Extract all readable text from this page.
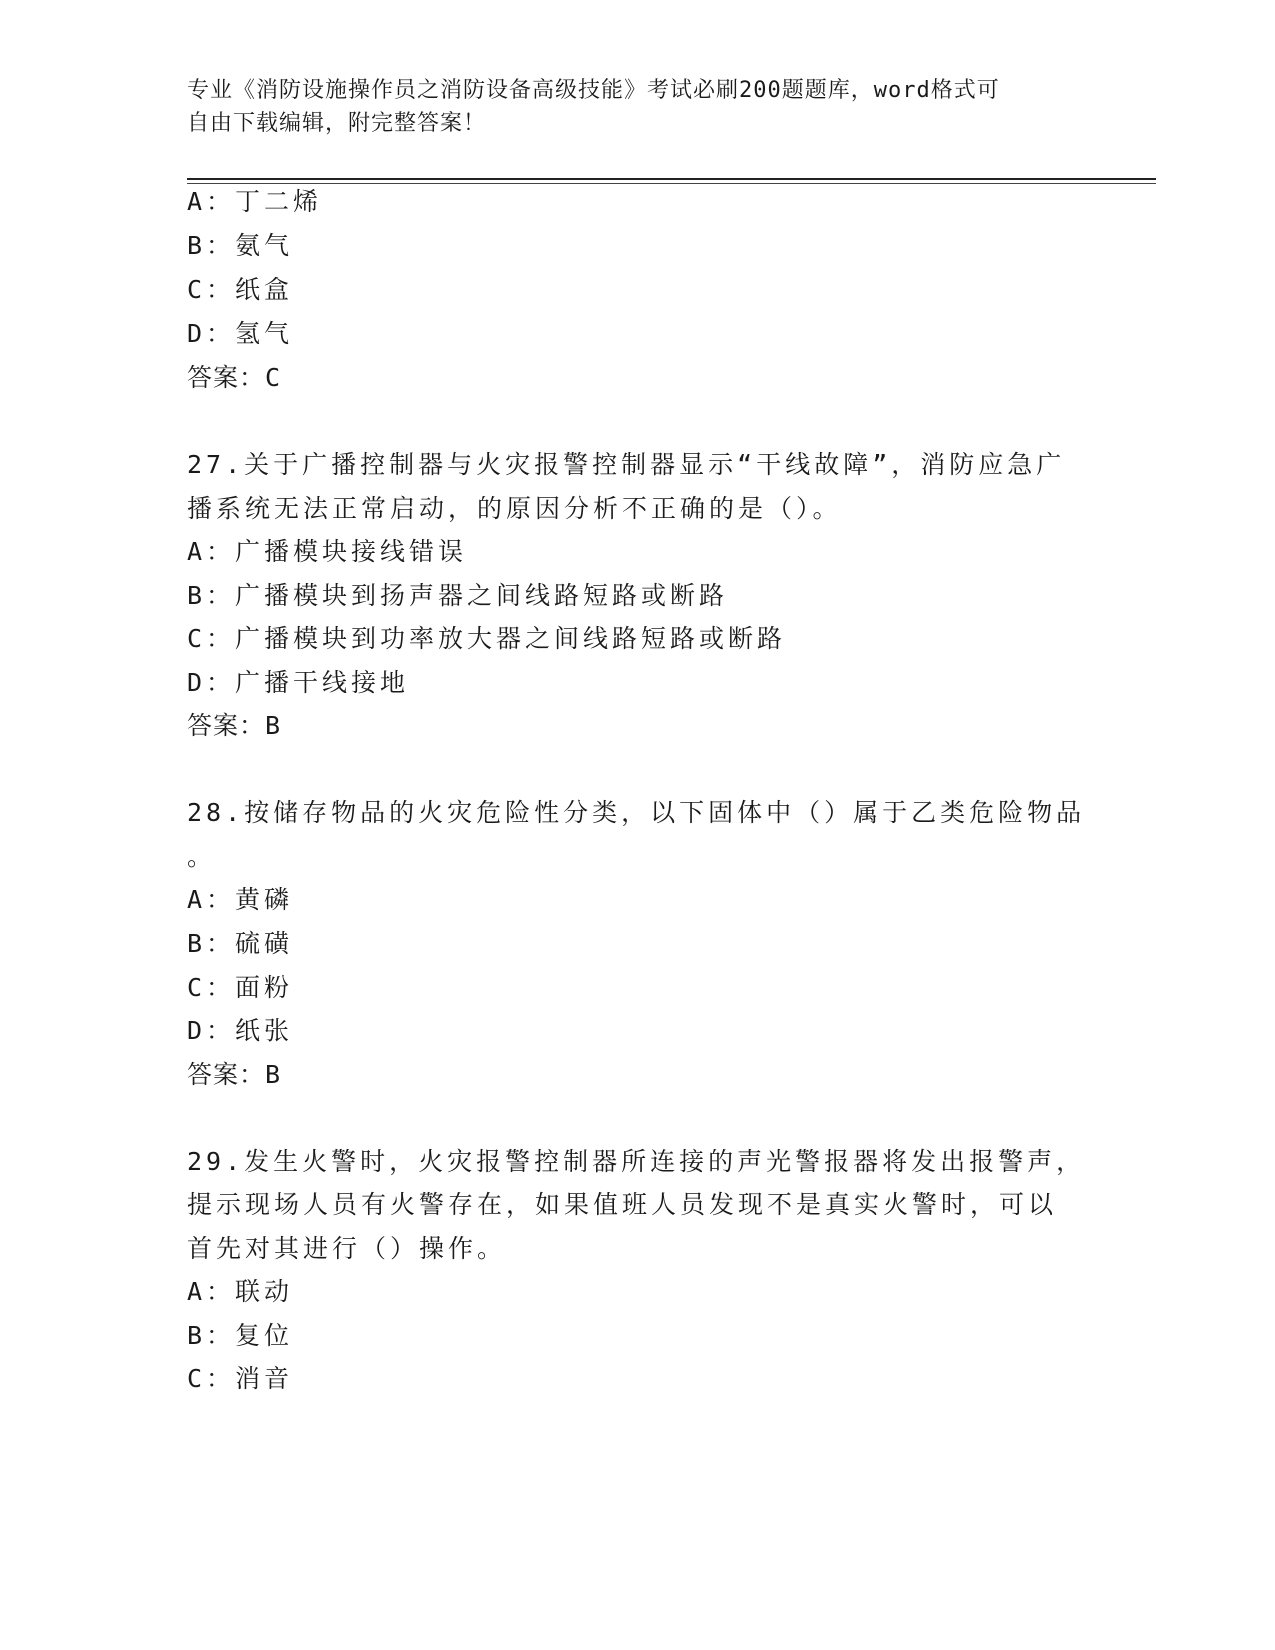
专业《消防设施操作员之消防设备高级技能》考试必刷200题题库，word格式可
自由下载编辑，附完整答案！
A：丁二烯
B：氨气
C：纸盒
D：氢气
答案：C
27.关于广播控制器与火灾报警控制器显示“干线故障”，消防应急广
播系统无法正常启动，的原因分析不正确的是（）。
A：广播模块接线错误
B：广播模块到扬声器之间线路短路或断路
C：广播模块到功率放大器之间线路短路或断路
D：广播干线接地
答案：B
28.按储存物品的火灾危险性分类，以下固体中（）属于乙类危险物品
。
A：黄磷
B：硫磺
C：面粉
D：纸张
答案：B
29.发生火警时，火灾报警控制器所连接的声光警报器将发出报警声，
提示现场人员有火警存在，如果值班人员发现不是真实火警时，可以
首先对其进行（）操作。
A：联动
B：复位
C：消音
